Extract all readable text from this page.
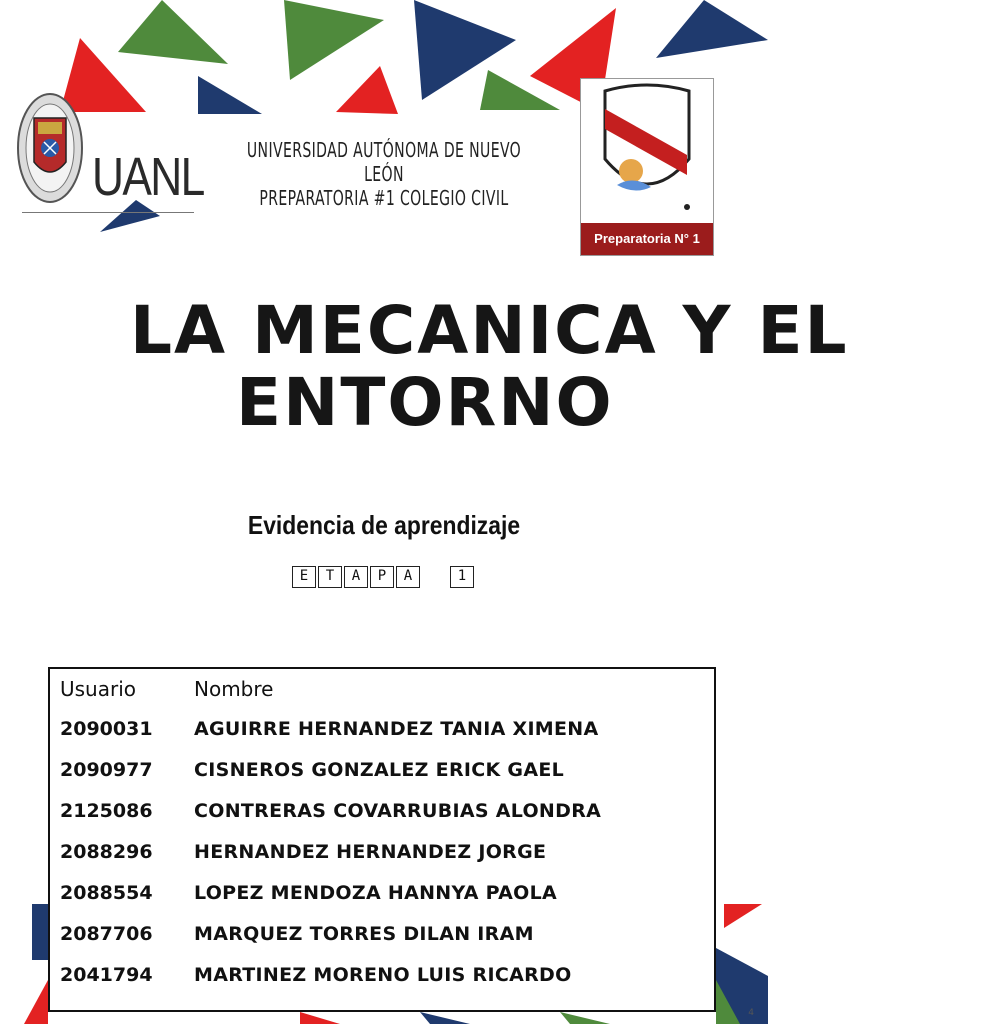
UANL	UNIVERSIDAD AUTÓNOMA DE NUEVO LEÓN
PREPARATORIA #1 COLEGIO CIVIL
Preparatoria N° 1
LA MECANICA Y EL
ENTORNO
Evidencia de aprendizaje
E	T	A	P	A	1
Usuario	Nombre
2090031 AGUIRRE HERNANDEZ TANIA XIMENA
2090977 CISNEROS GONZALEZ ERICK GAEL
2125086 CONTRERAS COVARRUBIAS ALONDRA
2088296 HERNANDEZ HERNANDEZ JORGE
2088554 LOPEZ MENDOZA HANNYA PAOLA
2087706 MARQUEZ TORRES DILAN IRAM
2041794 MARTINEZ MORENO LUIS RICARDO
4
